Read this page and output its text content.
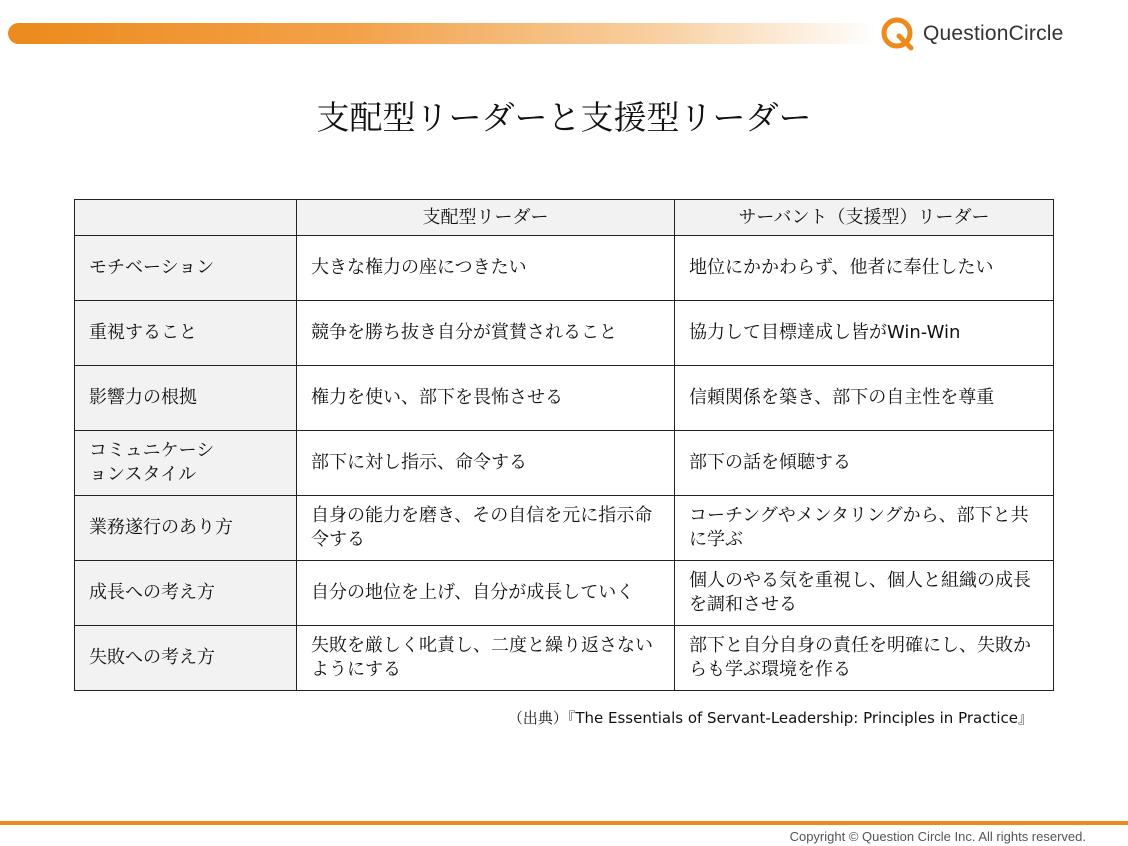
QuestionCircle
支配型リーダーと支援型リーダー
	支配型リーダー	サーバント（支援型）リーダー
モチベーション	大きな権力の座につきたい	地位にかかわらず、他者に奉仕したい
重視すること	競争を勝ち抜き自分が賞賛されること	協力して目標達成し皆がWin-Win
影響力の根拠	権力を使い、部下を畏怖させる	信頼関係を築き、部下の自主性を尊重
コミュニケーションスタイル	部下に対し指示、命令する	部下の話を傾聴する
業務遂行のあり方	自身の能力を磨き、その自信を元に指示命令する	コーチングやメンタリングから、部下と共に学ぶ
成長への考え方	自分の地位を上げ、自分が成長していく	個人のやる気を重視し、個人と組織の成長を調和させる
失敗への考え方	失敗を厳しく叱責し、二度と繰り返さないようにする	部下と自分自身の責任を明確にし、失敗からも学ぶ環境を作る
（出典）『The Essentials of Servant-Leadership: Principles in Practice』
Copyright © Question Circle Inc. All rights reserved.
